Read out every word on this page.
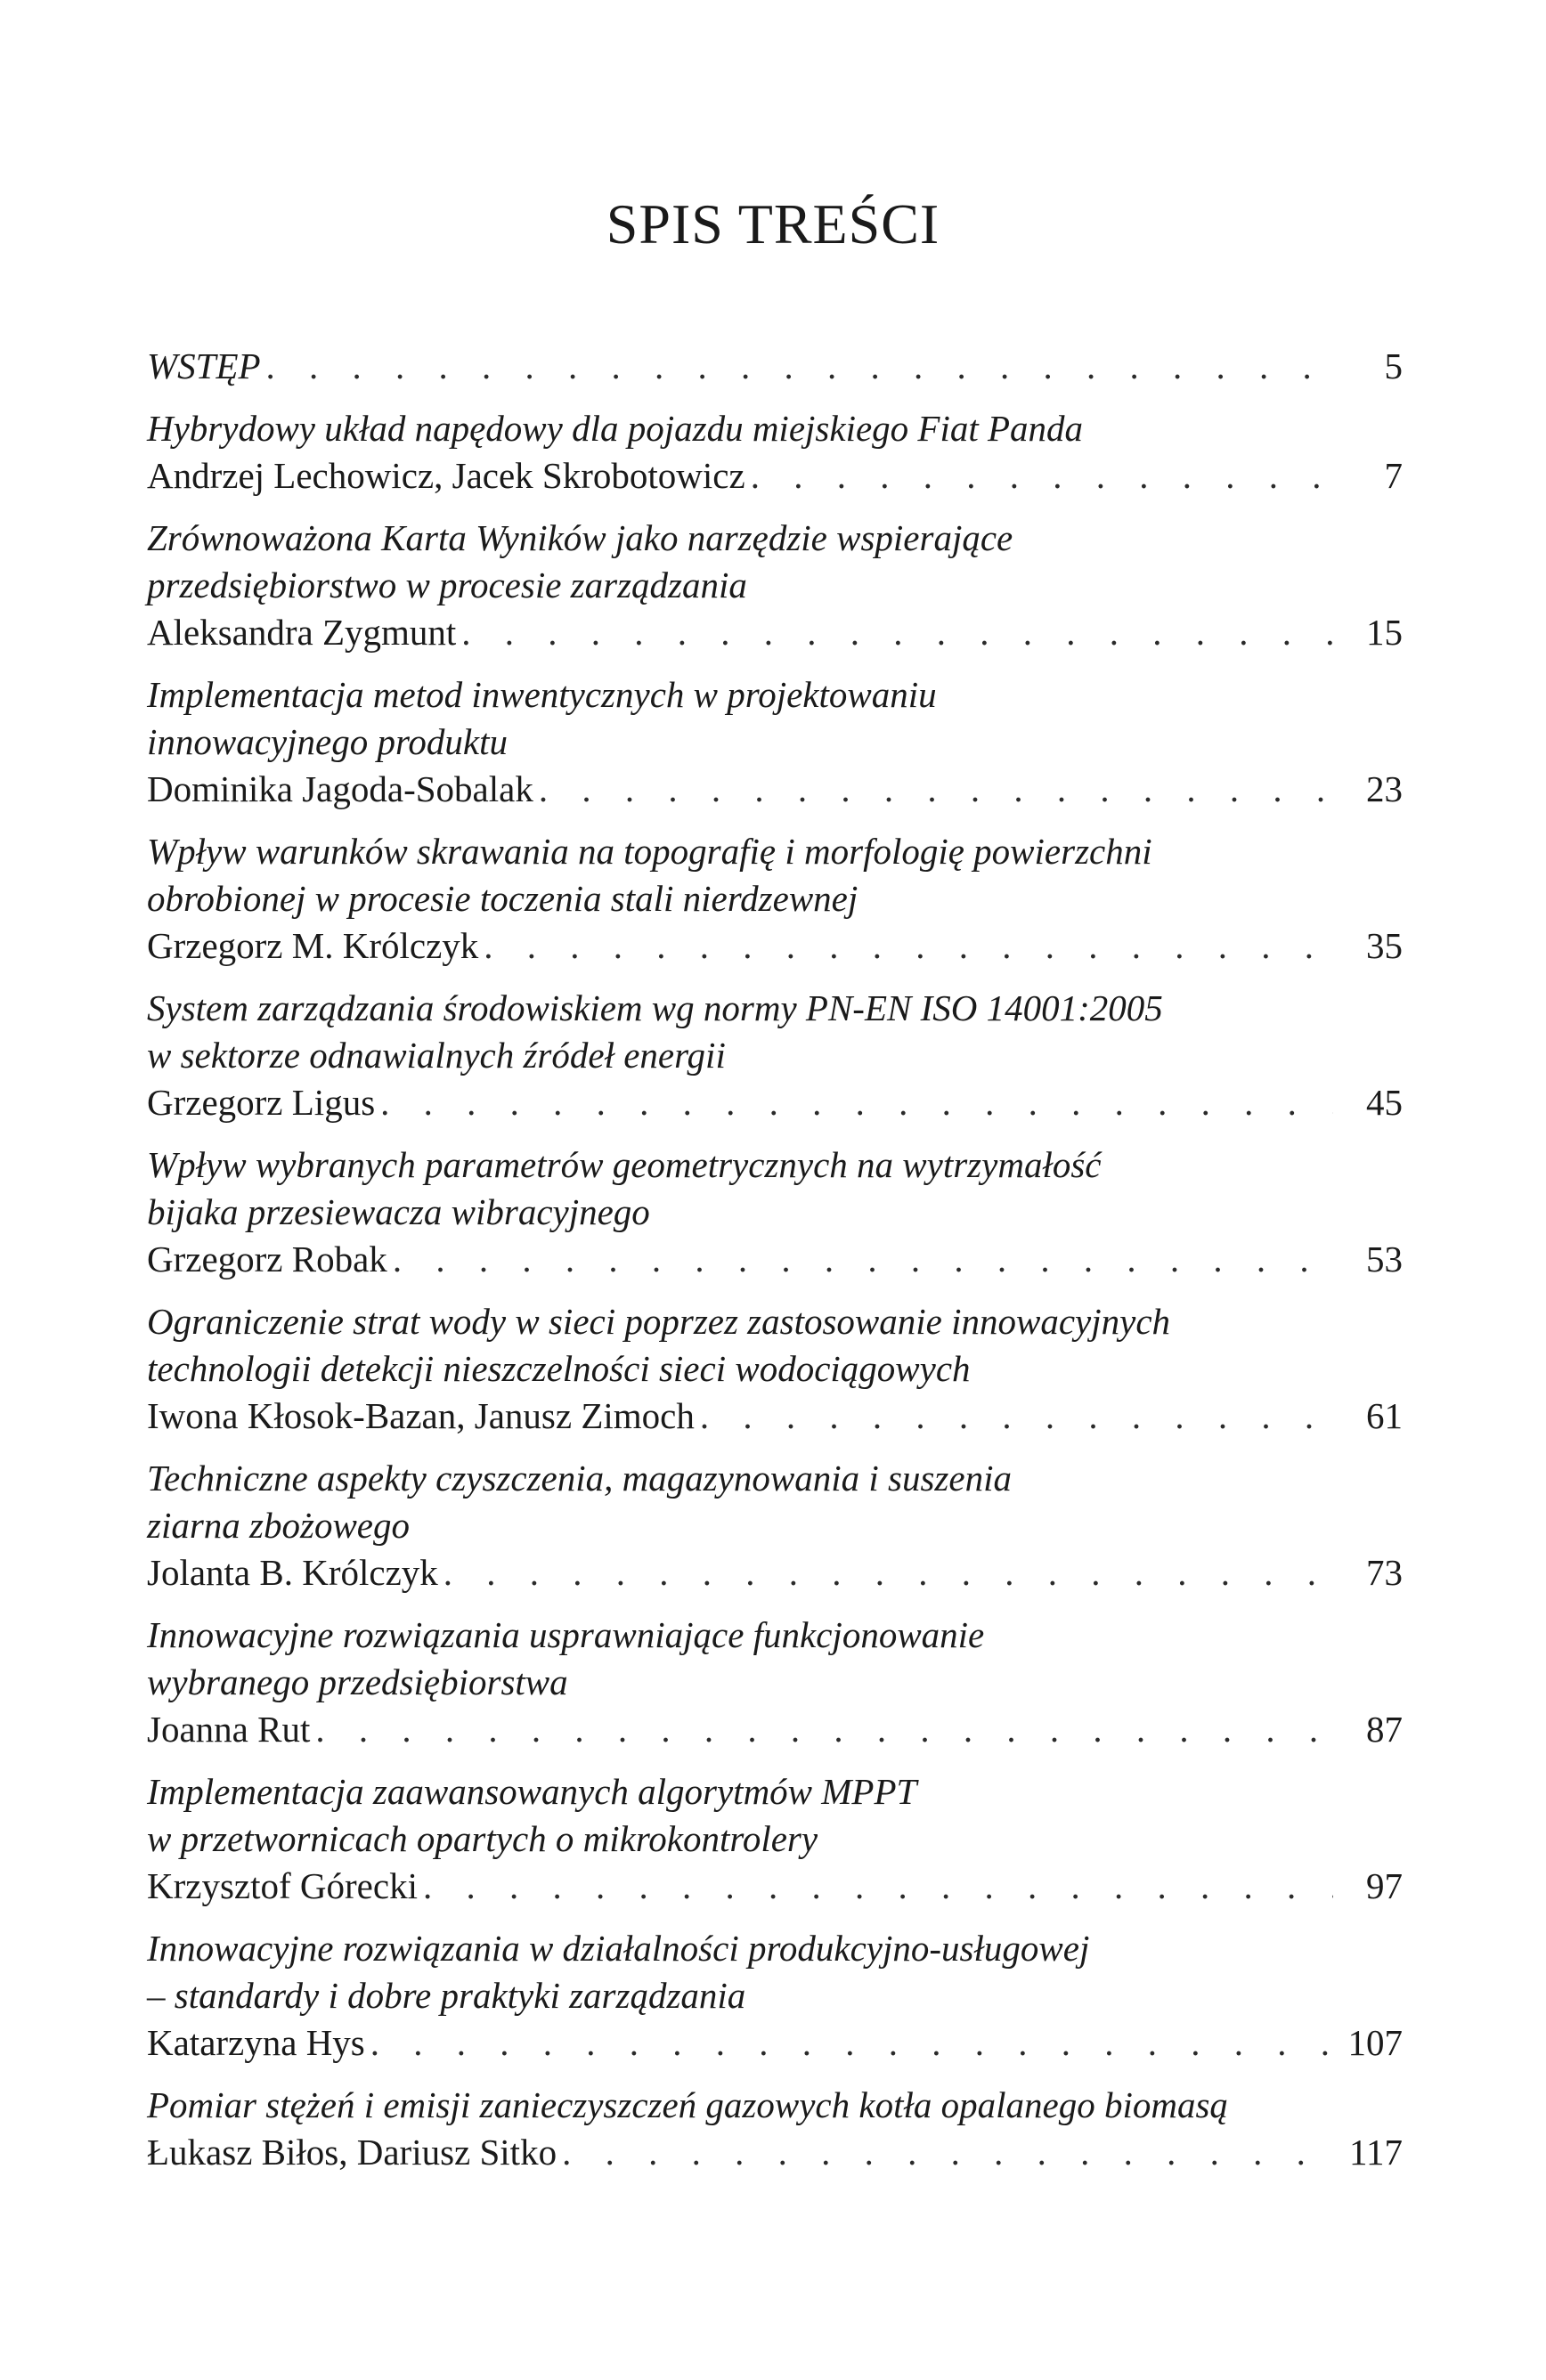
SPIS TREŚCI
WSTĘP . . .	5
Hybrydowy układ napędowy dla pojazdu miejskiego Fiat Panda
Andrzej Lechowicz, Jacek Skrobotowicz . . .	7
Zrównoważona Karta Wyników jako narzędzie wspierające
przedsiębiorstwo w procesie zarządzania
Aleksandra Zygmunt . . .	15
Implementacja metod inwentycznych w projektowaniu
innowacyjnego produktu
Dominika Jagoda-Sobalak . . .	23
Wpływ warunków skrawania na topografię i morfologię powierzchni
obrobionej w procesie toczenia stali nierdzewnej
Grzegorz M. Królczyk . . .	35
System zarządzania środowiskiem wg normy PN-EN ISO 14001:2005
w sektorze odnawialnych źródeł energii
Grzegorz Ligus . . .	45
Wpływ wybranych parametrów geometrycznych na wytrzymałość
bijaka przesiewacza wibracyjnego
Grzegorz Robak . . .	53
Ograniczenie strat wody w sieci poprzez zastosowanie innowacyjnych
technologii detekcji nieszczelności sieci wodociągowych
Iwona Kłosok-Bazan, Janusz Zimoch . . .	61
Techniczne aspekty czyszczenia, magazynowania i suszenia
ziarna zbożowego
Jolanta B. Królczyk . . .	73
Innowacyjne rozwiązania usprawniające funkcjonowanie
wybranego przedsiębiorstwa
Joanna Rut . . .	87
Implementacja zaawansowanych algorytmów MPPT
w przetwornicach opartych o mikrokontrolery
Krzysztof Górecki . . .	97
Innowacyjne rozwiązania w działalności produkcyjno-usługowej
– standardy i dobre praktyki zarządzania
Katarzyna Hys . . .	107
Pomiar stężeń i emisji zanieczyszczeń gazowych kotła opalanego biomasą
Łukasz Biłos, Dariusz Sitko . . .	117
